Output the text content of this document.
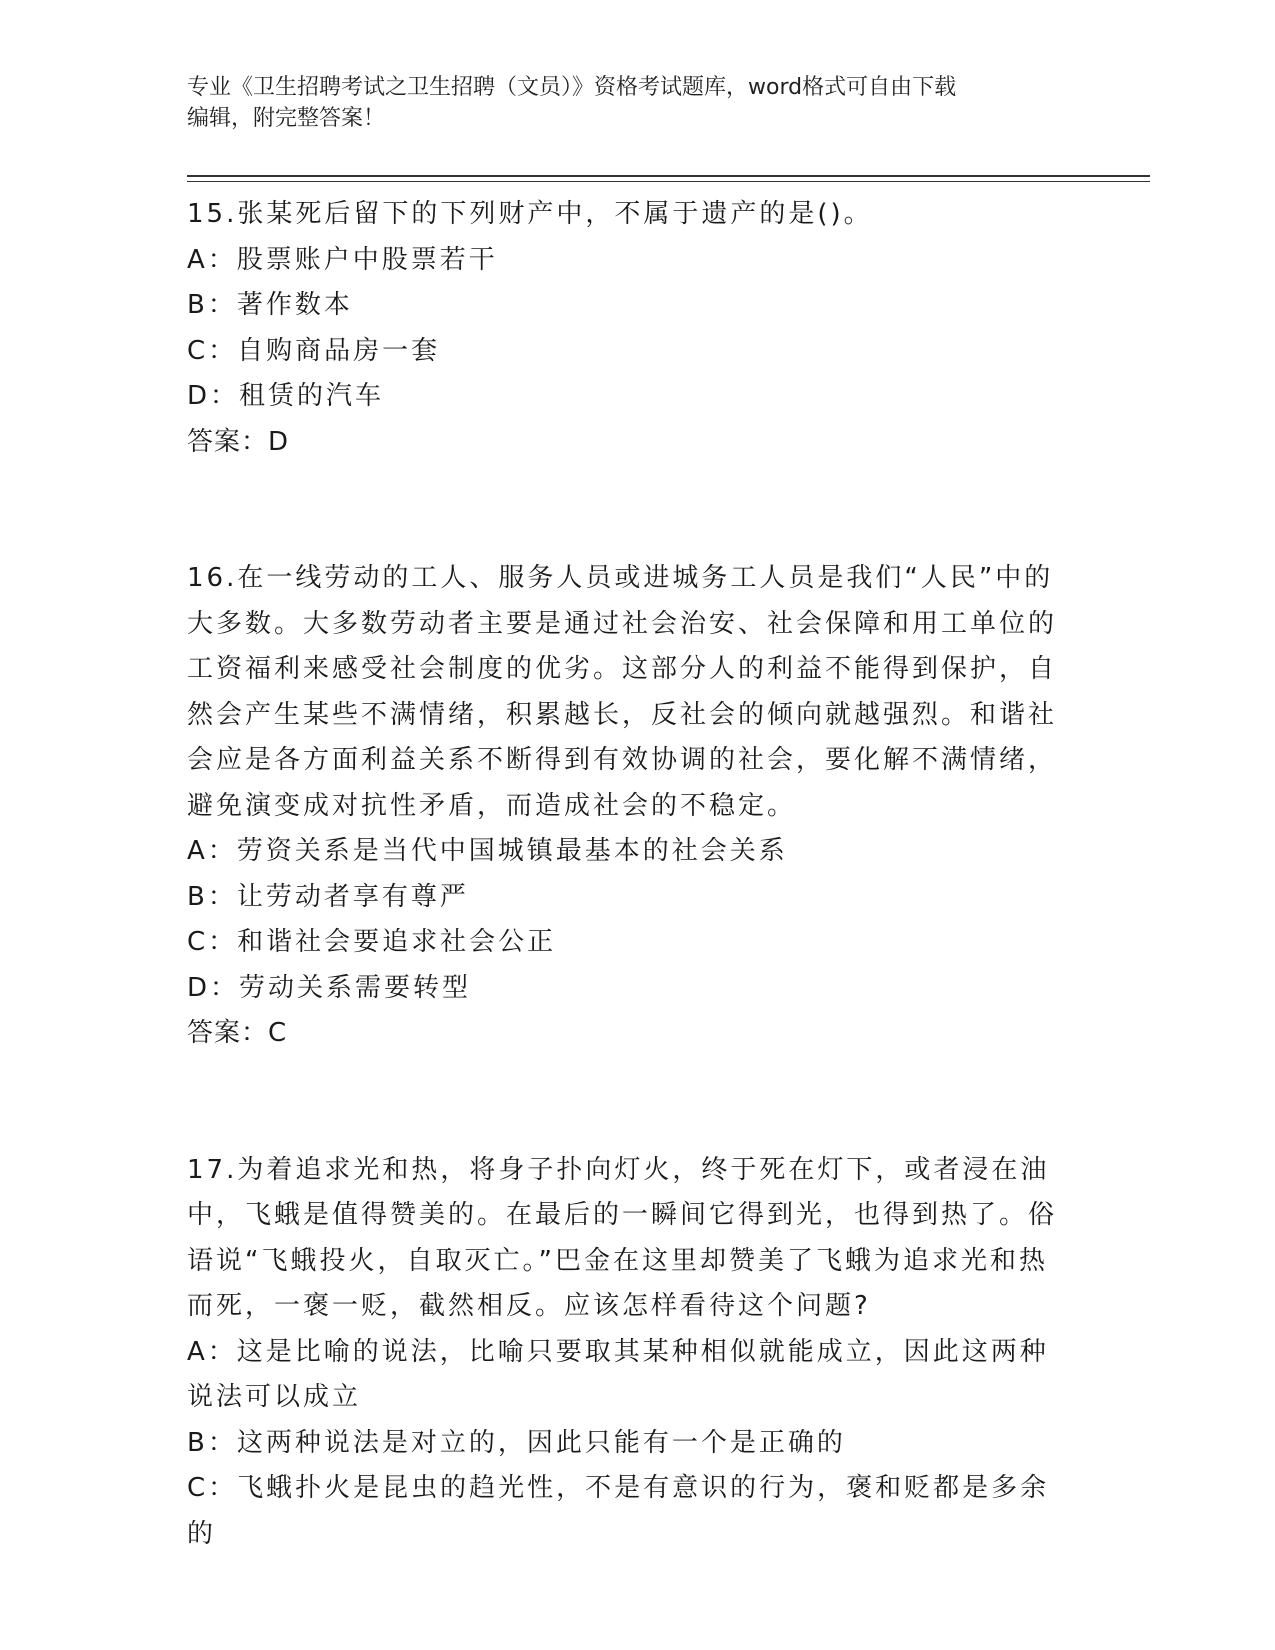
专业《卫生招聘考试之卫生招聘（文员）》资格考试题库，word格式可自由下载
编辑，附完整答案！

15.张某死后留下的下列财产中，不属于遗产的是()。

A：股票账户中股票若干

B：著作数本

C：自购商品房一套

D：租赁的汽车

答案：D

16.在一线劳动的工人、服务人员或进城务工人员是我们“人民”中的大多数。大多数劳动者主要是通过社会治安、社会保障和用工单位的工资福利来感受社会制度的优劣。这部分人的利益不能得到保护，自然会产生某些不满情绪，积累越长，反社会的倾向就越强烈。和谐社会应是各方面利益关系不断得到有效协调的社会，要化解不满情绪，避免演变成对抗性矛盾，而造成社会的不稳定。

A：劳资关系是当代中国城镇最基本的社会关系

B：让劳动者享有尊严

C：和谐社会要追求社会公正

D：劳动关系需要转型

答案：C

17.为着追求光和热，将身子扑向灯火，终于死在灯下，或者浸在油中，飞蛾是值得赞美的。在最后的一瞬间它得到光，也得到热了。俗语说“飞蛾投火，自取灭亡。”巴金在这里却赞美了飞蛾为追求光和热而死，一褒一贬，截然相反。应该怎样看待这个问题?

A：这是比喻的说法，比喻只要取其某种相似就能成立，因此这两种说法可以成立

B：这两种说法是对立的，因此只能有一个是正确的

C：飞蛾扑火是昆虫的趋光性，不是有意识的行为，褒和贬都是多余的
